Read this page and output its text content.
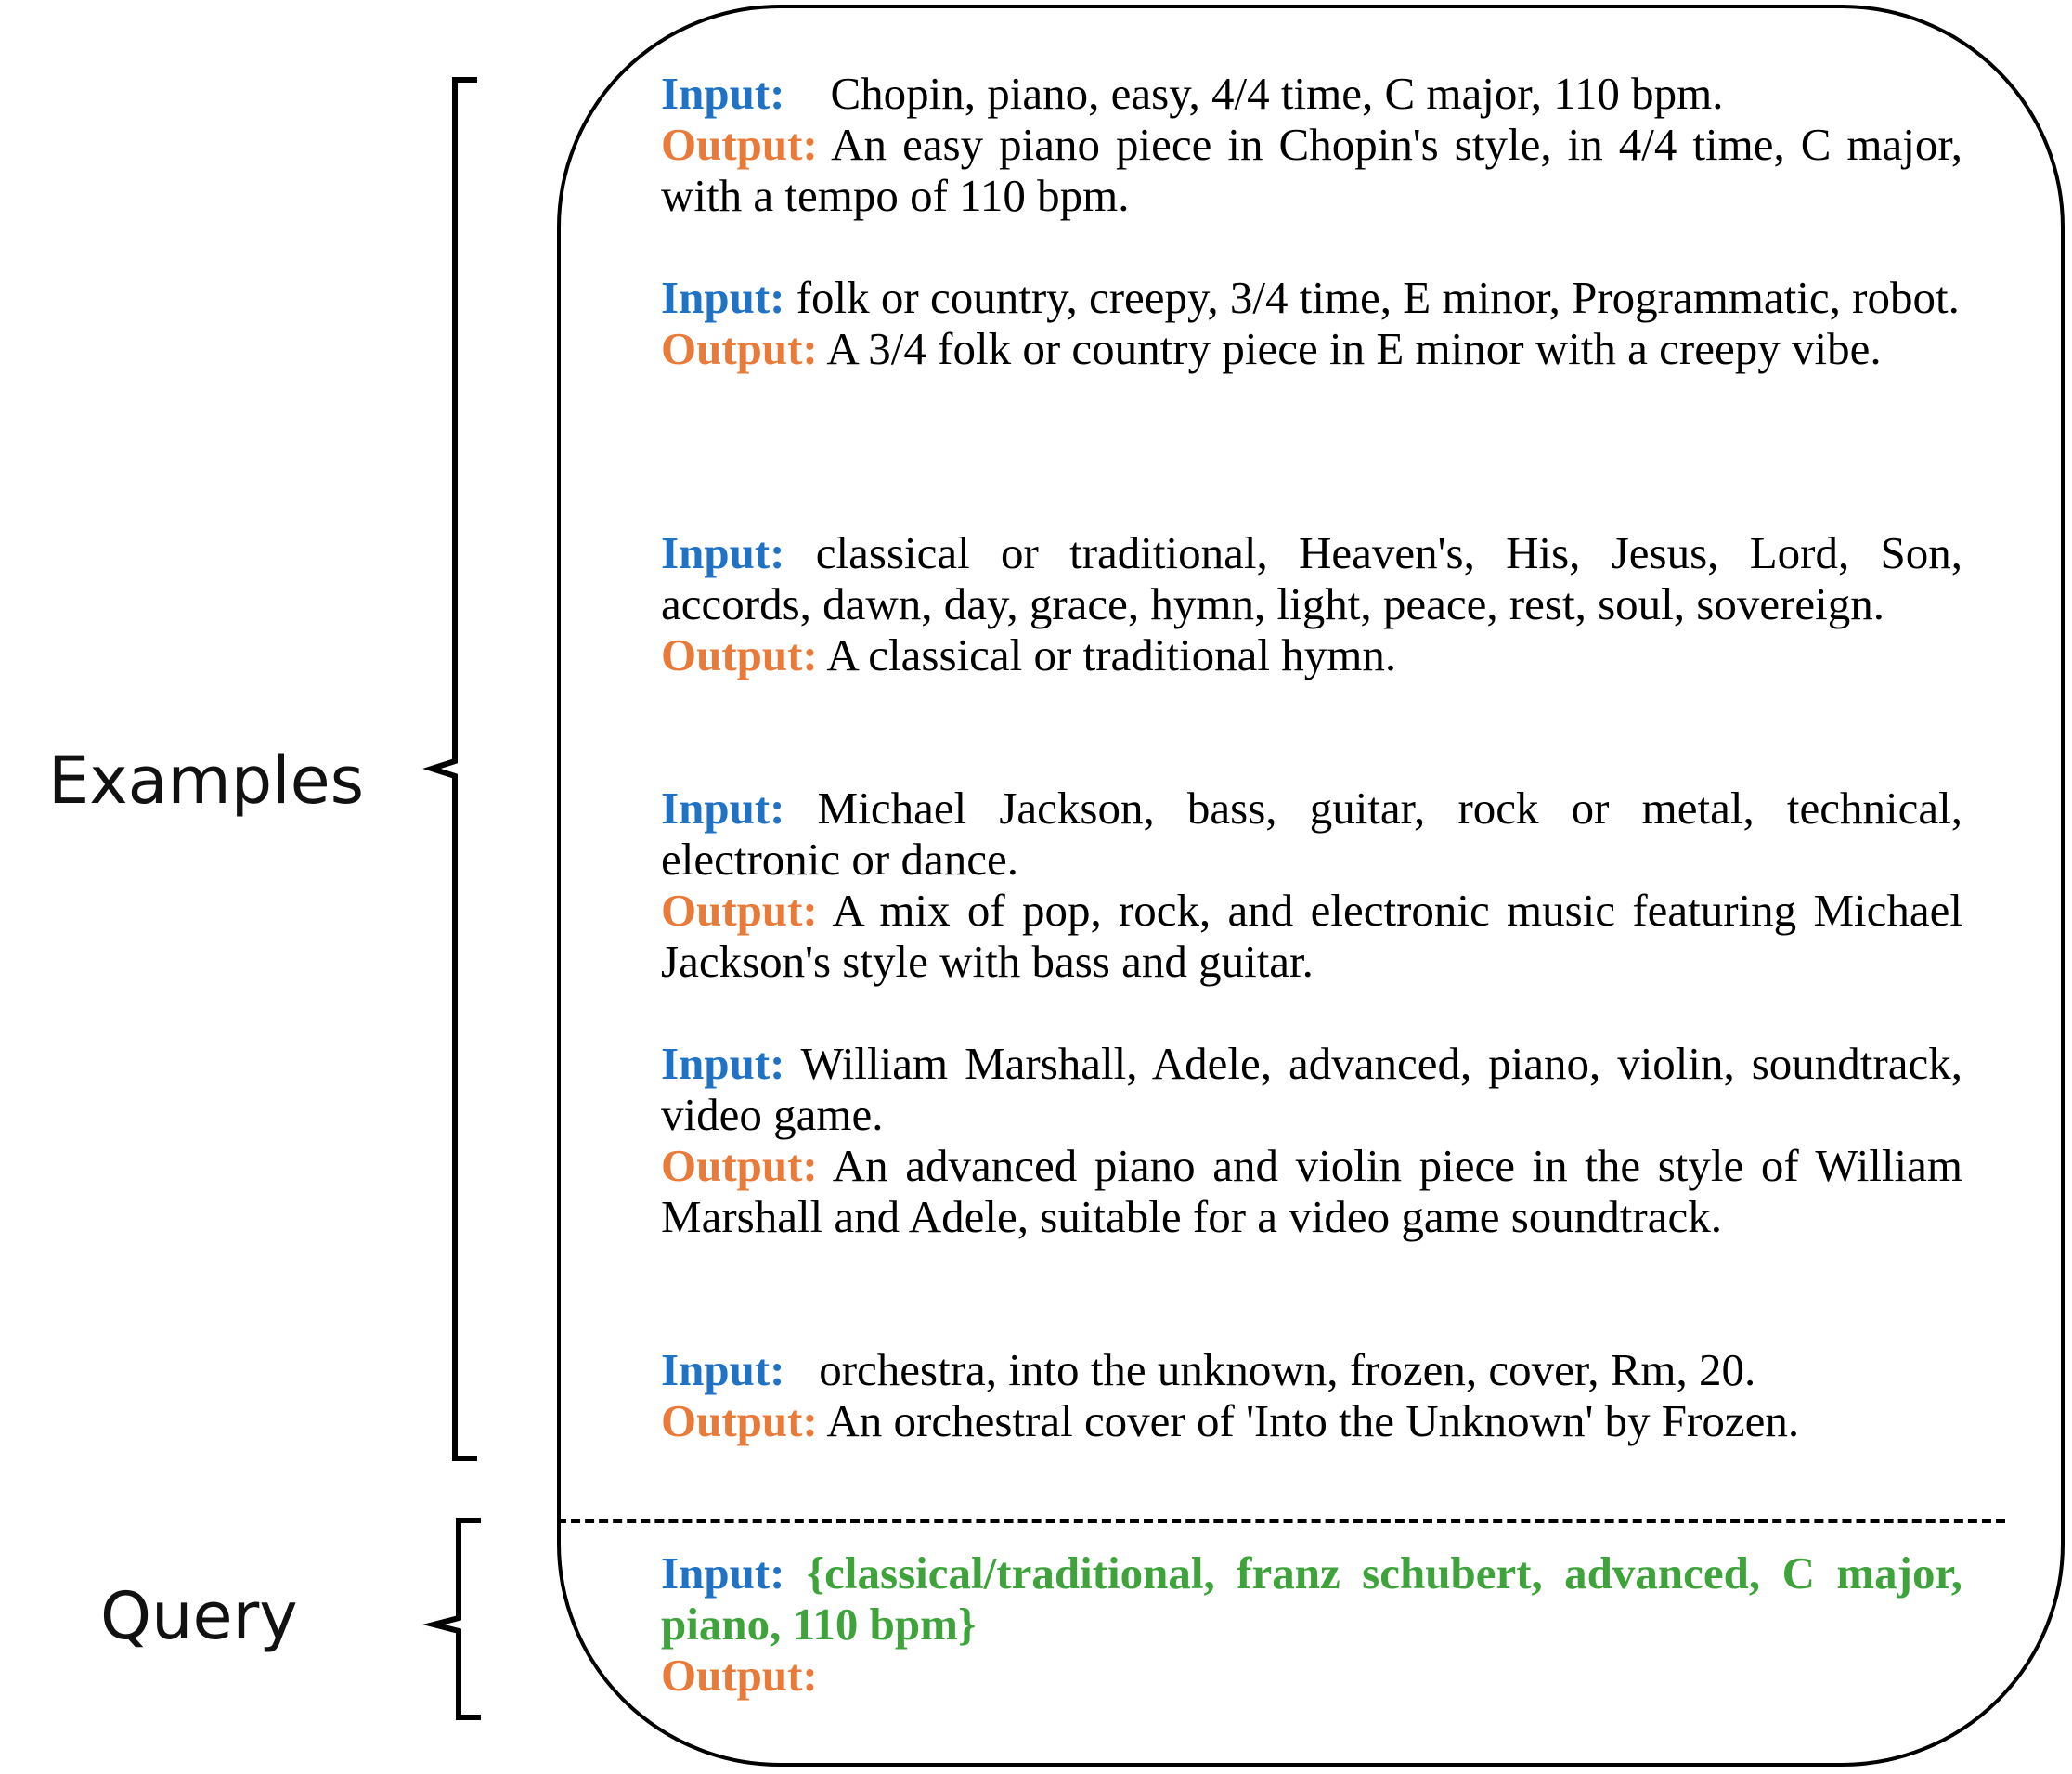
Examples
Query
Input: Chopin, piano, easy, 4/4 time, C major, 110 bpm.
Output: An easy piano piece in Chopin's style, in 4/4 time, C major, with a tempo of 110 bpm.
Input: folk or country, creepy, 3/4 time, E minor, Programmatic, robot.
Output: A 3/4 folk or country piece in E minor with a creepy vibe.
Input: classical or traditional, Heaven's, His, Jesus, Lord, Son, accords, dawn, day, grace, hymn, light, peace, rest, soul, sovereign.
Output: A classical or traditional hymn.
Input: Michael Jackson, bass, guitar, rock or metal, technical, electronic or dance.
Output: A mix of pop, rock, and electronic music featuring Michael Jackson's style with bass and guitar.
Input: William Marshall, Adele, advanced, piano, violin, soundtrack, video game.
Output: An advanced piano and violin piece in the style of William Marshall and Adele, suitable for a video game soundtrack.
Input: orchestra, into the unknown, frozen, cover, Rm, 20.
Output: An orchestral cover of 'Into the Unknown' by Frozen.
Input: {classical/traditional, franz schubert, advanced, C major, piano, 110 bpm}
Output:
